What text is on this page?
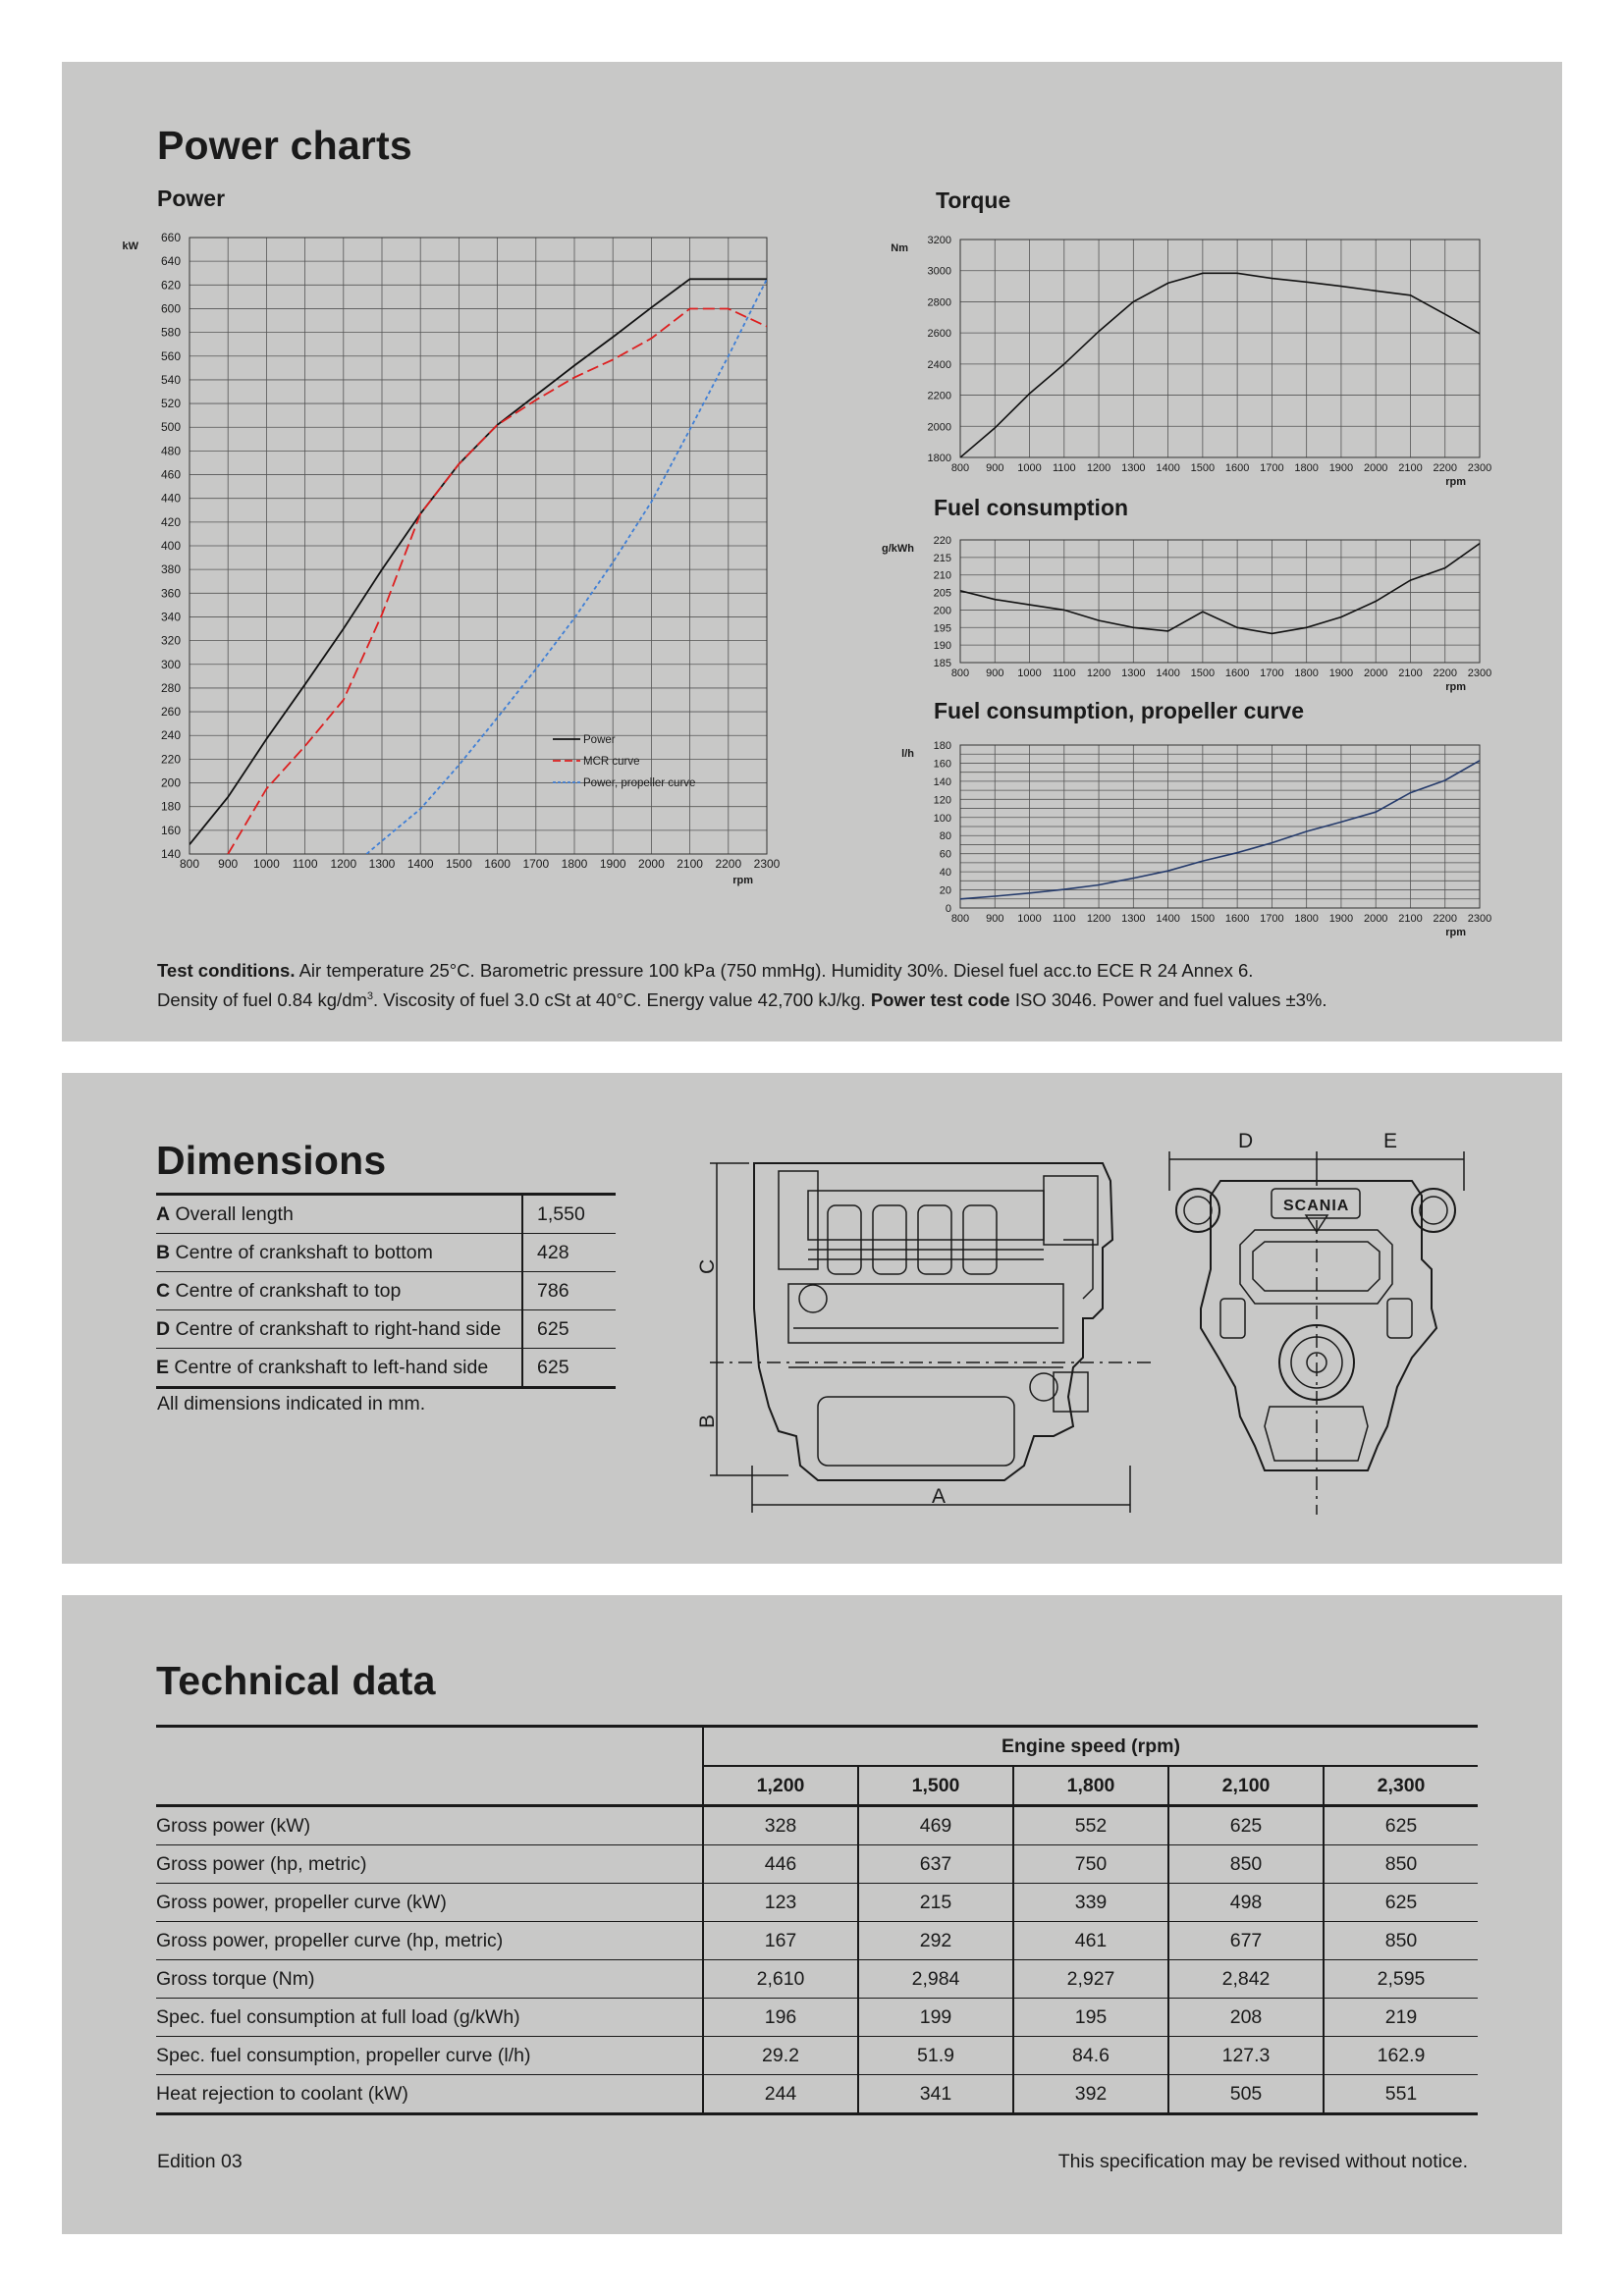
Power charts
Power
800 900 1000 1100 1200 1300 1400 1500 1600 1700 1800 1900 2000 2100 2200 2300
140
160
180
200
220
240
260
280
300
320
340
360
380
400
420
440
460
480
500
520
540
560
580
600
620
640
660
kW
rpm
Power
MCR curve
Power, propeller curve
Torque
800 900 1000 1100 1200 1300 1400 1500 1600 1700 1800 1900 2000 2100 2200 2300
1800
2000
2200
2400
2600
2800
3000
3200
Nm
rpm
Fuel consumption
800 900 1000 1100 1200 1300 1400 1500 1600 1700 1800 1900 2000 2100 2200 2300
185
190
195
200
205
210
215
220
g/kWh
rpm
Fuel consumption, propeller curve
800 900 1000 1100 1200 1300 1400 1500 1600 1700 1800 1900 2000 2100 2200 2300
0
20
40
60
80
100
120
140
160
180
l/h
rpm
Test conditions. Air temperature 25°C. Barometric pressure 100 kPa (750 mmHg). Humidity 30%. Diesel fuel acc.to ECE R 24 Annex 6.
Density of fuel 0.84 $kg/dm^3$. Viscosity of fuel 3.0 cSt at 40°C. Energy value 42,700 kJ/kg. Power test code ISO 3046. Power and fuel values ±3%.
Dimensions
A Overall length	1,550
B Centre of crankshaft to bottom	428
C Centre of crankshaft to top	786
D Centre of crankshaft to right-hand side	625
E Centre of crankshaft to left-hand side	625
All dimensions indicated in mm.
D	E
A
C
B
SCANIA
Technical data
	Engine speed (rpm)				
	1,200	1,500	1,800	2,100	2,300
Gross power (kW)	328	469	552	625	625
Gross power (hp, metric)	446	637	750	850	850
Gross power, propeller curve (kW)	123	215	339	498	625
Gross power, propeller curve (hp, metric)	167	292	461	677	850
Gross torque (Nm)	2,610	2,984	2,927	2,842	2,595
Spec. fuel consumption at full load (g/kWh)	196	199	195	208	219
Spec. fuel consumption, propeller curve (l/h)	29.2	51.9	84.6	127.3	162.9
Heat rejection to coolant (kW)	244	341	392	505	551
Edition 03	This specification may be revised without notice.
